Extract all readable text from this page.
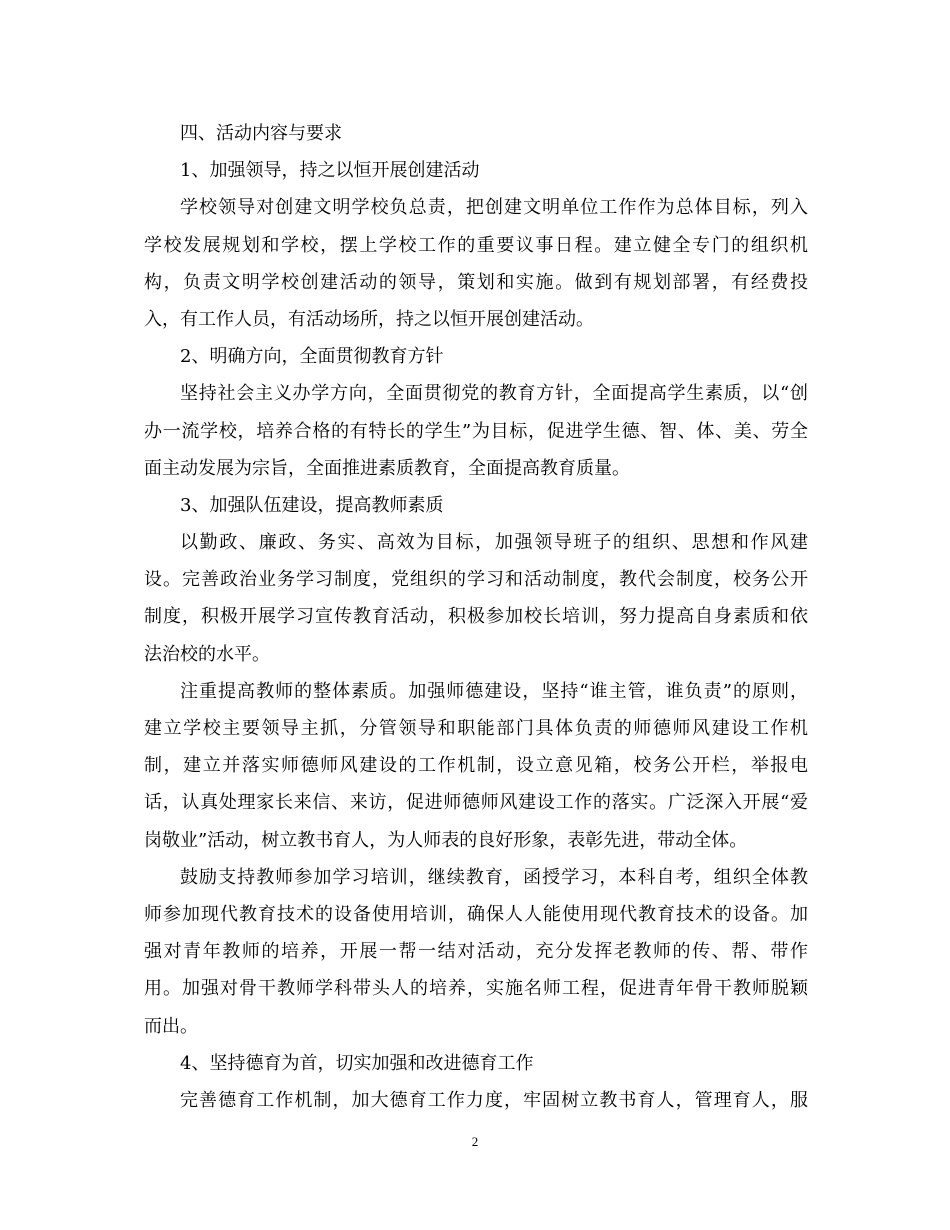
四、活动内容与要求
1、加强领导，持之以恒开展创建活动
学校领导对创建文明学校负总责，把创建文明单位工作作为总体目标，列入
学校发展规划和学校，摆上学校工作的重要议事日程。建立健全专门的组织机
构，负责文明学校创建活动的领导，策划和实施。做到有规划部署，有经费投
入，有工作人员，有活动场所，持之以恒开展创建活动。
2、明确方向，全面贯彻教育方针
坚持社会主义办学方向，全面贯彻党的教育方针，全面提高学生素质，以“创
办一流学校，培养合格的有特长的学生”为目标，促进学生德、智、体、美、劳全
面主动发展为宗旨，全面推进素质教育，全面提高教育质量。
3、加强队伍建设，提高教师素质
以勤政、廉政、务实、高效为目标，加强领导班子的组织、思想和作风建
设。完善政治业务学习制度，党组织的学习和活动制度，教代会制度，校务公开
制度，积极开展学习宣传教育活动，积极参加校长培训，努力提高自身素质和依
法治校的水平。
注重提高教师的整体素质。加强师德建设，坚持“谁主管，谁负责”的原则，
建立学校主要领导主抓，分管领导和职能部门具体负责的师德师风建设工作机
制，建立并落实师德师风建设的工作机制，设立意见箱，校务公开栏，举报电
话，认真处理家长来信、来访，促进师德师风建设工作的落实。广泛深入开展“爱
岗敬业”活动，树立教书育人，为人师表的良好形象，表彰先进，带动全体。
鼓励支持教师参加学习培训，继续教育，函授学习，本科自考，组织全体教
师参加现代教育技术的设备使用培训，确保人人能使用现代教育技术的设备。加
强对青年教师的培养，开展一帮一结对活动，充分发挥老教师的传、帮、带作
用。加强对骨干教师学科带头人的培养，实施名师工程，促进青年骨干教师脱颖
而出。
4、坚持德育为首，切实加强和改进德育工作
完善德育工作机制，加大德育工作力度，牢固树立教书育人，管理育人，服
2
